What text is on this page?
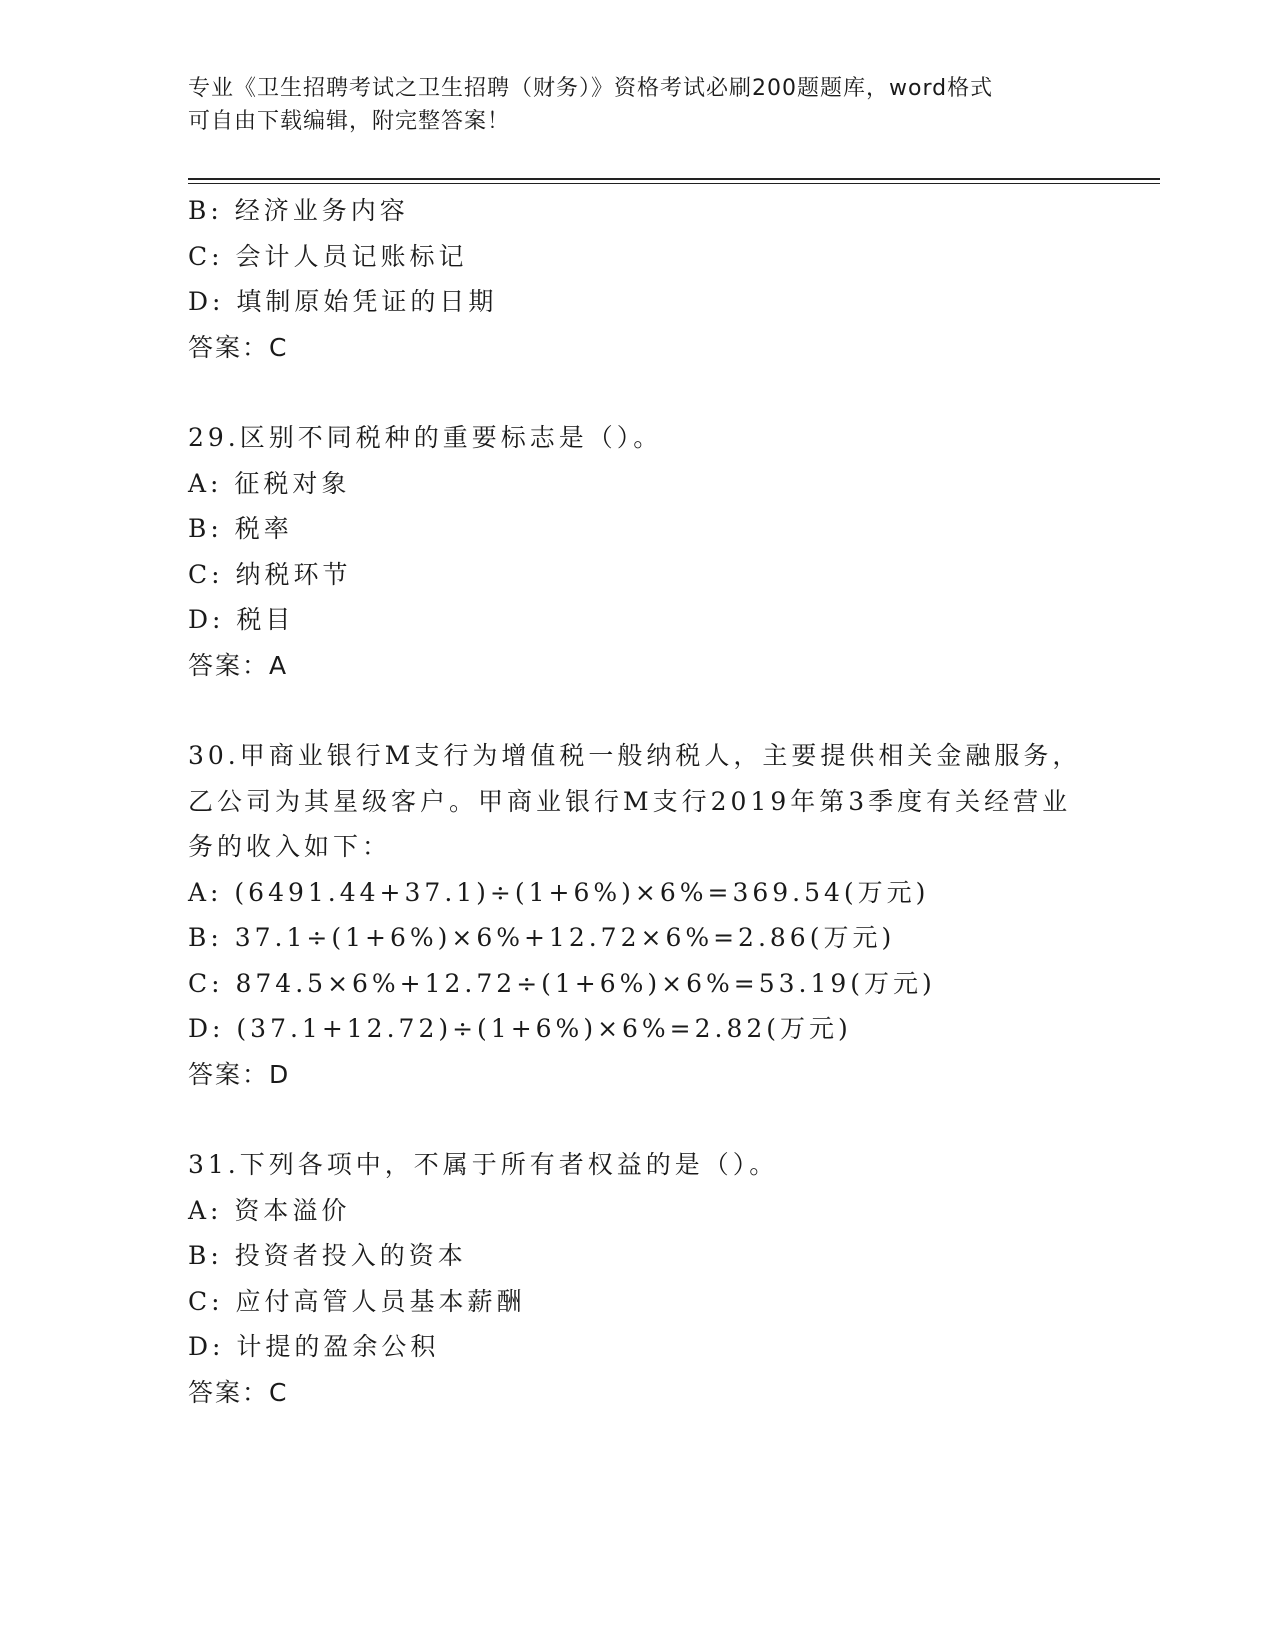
专业《卫生招聘考试之卫生招聘（财务）》资格考试必刷200题题库，word格式
可自由下载编辑，附完整答案！
B: 经济业务内容
C: 会计人员记账标记
D: 填制原始凭证的日期
答案：C
29.区别不同税种的重要标志是（）。
A: 征税对象
B: 税率
C: 纳税环节
D: 税目
答案：A
30.甲商业银行M支行为增值税一般纳税人，主要提供相关金融服务，
乙公司为其星级客户。甲商业银行M支行2019年第3季度有关经营业
务的收入如下：
A: (6491.44+37.1)÷(1+6%)×6%=369.54(万元)
B: 37.1÷(1+6%)×6%+12.72×6%=2.86(万元)
C: 874.5×6%+12.72÷(1+6%)×6%=53.19(万元)
D: (37.1+12.72)÷(1+6%)×6%=2.82(万元)
答案：D
31.下列各项中，不属于所有者权益的是（）。
A: 资本溢价
B: 投资者投入的资本
C: 应付高管人员基本薪酬
D: 计提的盈余公积
答案：C
